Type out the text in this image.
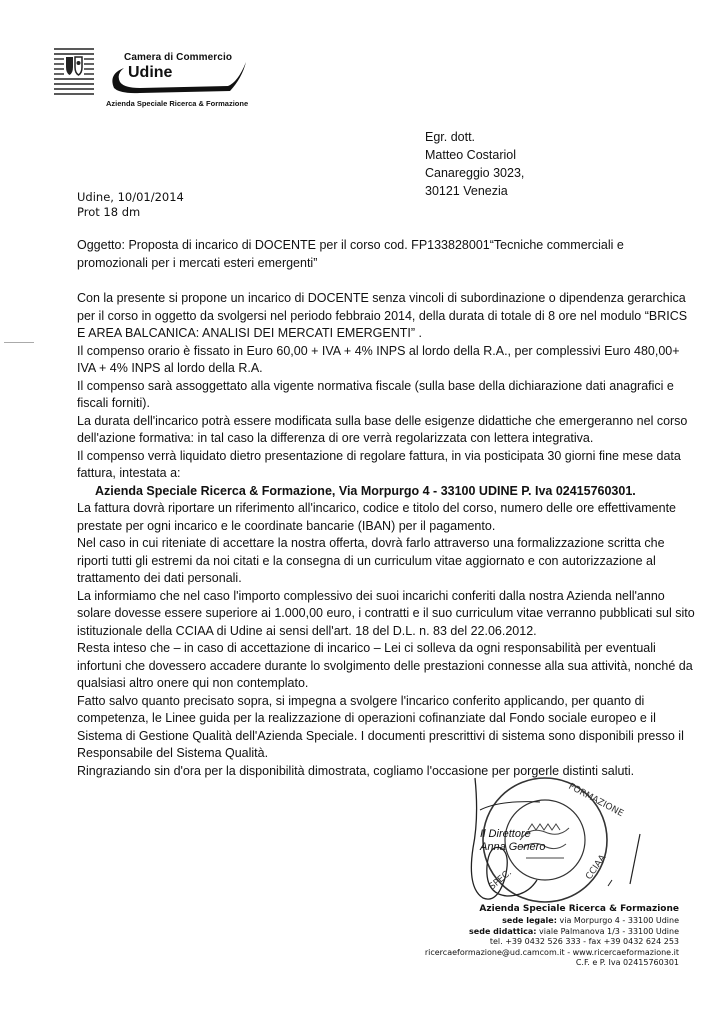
Camera di Commercio
Udine
Azienda Speciale Ricerca & Formazione
Egr. dott.
Matteo Costariol
Canareggio 3023,
30121 Venezia
Udine, 10/01/2014
Prot 18 dm
Oggetto: Proposta di incarico di DOCENTE per il corso cod. FP133828001“Tecniche commerciali e promozionali per i mercati esteri emergenti”

Con la presente si propone un incarico di DOCENTE senza vincoli di subordinazione o dipendenza gerarchica per il corso in oggetto da svolgersi nel periodo febbraio 2014, della durata di totale di 8 ore nel modulo “BRICS E AREA BALCANICA: ANALISI DEI MERCATI EMERGENTI” .

Il compenso orario è fissato in Euro 60,00 + IVA + 4% INPS al lordo della R.A., per complessivi Euro 480,00+ IVA + 4% INPS al lordo della R.A.

Il compenso sarà assoggettato alla vigente normativa fiscale (sulla base della dichiarazione dati anagrafici e fiscali forniti).

La durata dell'incarico potrà essere modificata sulla base delle esigenze didattiche che emergeranno nel corso dell'azione formativa: in tal caso la differenza di ore verrà regolarizzata con lettera integrativa.

Il compenso verrà liquidato dietro presentazione di regolare fattura, in via posticipata 30 giorni fine mese data fattura, intestata a:

Azienda Speciale Ricerca & Formazione, Via Morpurgo 4 - 33100 UDINE P. Iva 02415760301.

La fattura dovrà riportare un riferimento all'incarico, codice e titolo del corso, numero delle ore effettivamente prestate per ogni incarico e le coordinate bancarie (IBAN) per il pagamento.

Nel caso in cui riteniate di accettare la nostra offerta, dovrà farlo attraverso una formalizzazione scritta che riporti tutti gli estremi da noi citati e la consegna di un curriculum vitae aggiornato e con autorizzazione al trattamento dei dati personali.

La informiamo che nel caso l'importo complessivo dei suoi incarichi conferiti dalla nostra Azienda nell'anno solare dovesse essere superiore ai 1.000,00 euro, i contratti e il suo curriculum vitae verranno pubblicati sul sito istituzionale della CCIAA di Udine ai sensi dell'art. 18 del D.L. n. 83 del 22.06.2012.

Resta inteso che – in caso di accettazione di incarico – Lei ci solleva da ogni responsabilità per eventuali infortuni che dovessero accadere durante lo svolgimento delle prestazioni connesse alla sua attività, nonché da qualsiasi altro onere qui non contemplato.

Fatto salvo quanto precisato sopra, si impegna a svolgere l'incarico conferito applicando, per quanto di competenza, le Linee guida per la realizzazione di operazioni cofinanziate dal Fondo sociale europeo e il Sistema di Gestione Qualità dell'Azienda Speciale. I documenti prescrittivi di sistema sono disponibili presso il Responsabile del Sistema Qualità.

Ringraziando sin d'ora per la disponibilità dimostrata, cogliamo l'occasione per porgerle distinti saluti.

FORMAZIONE
SPEC.	CCIAA
Il Direttore
Anna Genero
Azienda Speciale Ricerca & Formazione
sede legale: via Morpurgo 4 - 33100 Udine
sede didattica: viale Palmanova 1/3 - 33100 Udine
tel. +39 0432 526 333 - fax +39 0432 624 253
ricercaeformazione@ud.camcom.it - www.ricercaeformazione.it
C.F. e P. Iva 02415760301
